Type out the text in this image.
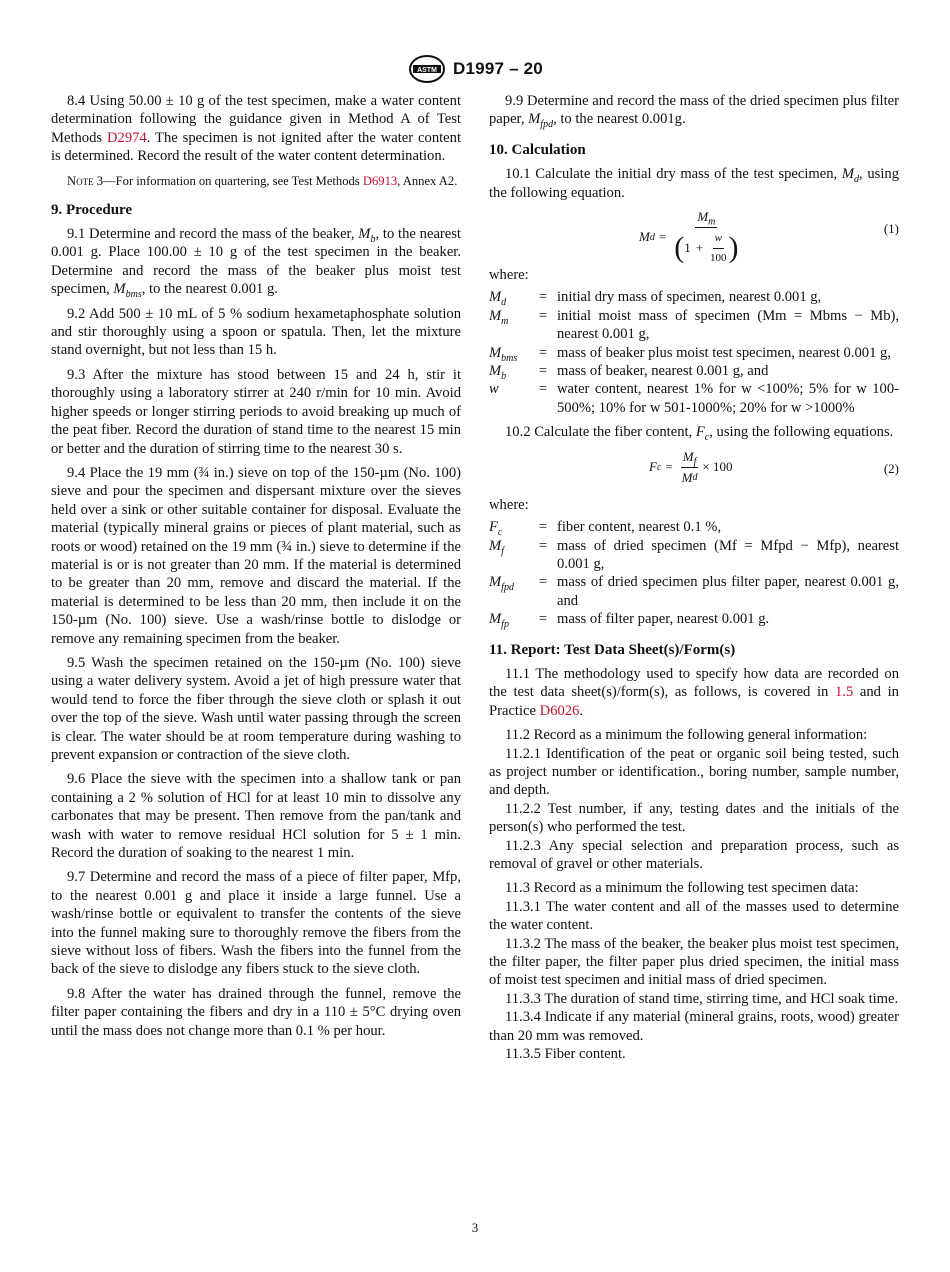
ASTM D1997 – 20

8.4 Using 50.00 ± 10 g of the test specimen, make a water content determination following the guidance given in Method A of Test Methods D2974. The specimen is not ignited after the water content is determined. Record the result of the water content determination.

Note 3—For information on quartering, see Test Methods D6913, Annex A2.

9. Procedure

9.1 Determine and record the mass of the beaker, $M_b$, to the nearest 0.001 g. Place 100.00 ± 10 g of the test specimen in the beaker. Determine and record the mass of the beaker plus moist test specimen, $M_{bms}$, to the nearest 0.001 g.

9.2 Add 500 ± 10 mL of 5 % sodium hexametaphosphate solution and stir thoroughly using a spoon or spatula. Then, let the mixture stand overnight, but not less than 15 h.

9.3 After the mixture has stood between 15 and 24 h, stir it thoroughly using a laboratory stirrer at 240 r/min for 10 min. Avoid higher speeds or longer stirring periods to avoid breaking up much of the peat fiber. Record the duration of stand time to the nearest 15 min or better and the duration of stirring time to the nearest 30 s.

9.4 Place the 19 mm (¾ in.) sieve on top of the 150-µm (No. 100) sieve and pour the specimen and dispersant mixture over the sieves held over a sink or other suitable container for disposal. Evaluate the material (typically mineral grains or pieces of plant material, such as roots or wood) retained on the 19 mm (¾ in.) sieve to determine if the material is or is not greater than 20 mm. If the material is determined to be greater than 20 mm, remove and discard the material. If the material is determined to be less than 20 mm, then include it on the 150-µm (No. 100) sieve. Use a wash/rinse bottle to dislodge or remove any remaining specimen from the beaker.

9.5 Wash the specimen retained on the 150-µm (No. 100) sieve using a water delivery system. Avoid a jet of high pressure water that would tend to force the fiber through the sieve cloth or splash it out over the top of the sieve. Wash until water passing through the screen is clear. The water should be at room temperature during washing to prevent expansion or contraction of the sieve cloth.

9.6 Place the sieve with the specimen into a shallow tank or pan containing a 2 % solution of HCl for at least 10 min to dissolve any carbonates that may be present. Then remove from the pan/tank and wash with water to remove residual HCl solution for 5 ± 1 min. Record the duration of soaking to the nearest 1 min.

9.7 Determine and record the mass of a piece of filter paper, Mfp, to the nearest 0.001 g and place it inside a large funnel. Use a wash/rinse bottle or equivalent to transfer the contents of the sieve into the funnel making sure to thoroughly remove the fibers from the sieve without loss of fibers. Wash the fibers into the funnel from the back of the sieve to dislodge any fibers stuck to the sieve cloth.

9.8 After the water has drained through the funnel, remove the filter paper containing the fibers and dry in a 110 ± 5°C drying oven until the mass does not change more than 0.1 % per hour.

9.9 Determine and record the mass of the dried specimen plus filter paper, $M_{fpd}$, to the nearest 0.001g.

10. Calculation

10.1 Calculate the initial dry mass of the test specimen, $M_d$, using the following equation.

M $d = \frac{M_m}{( 1 + \frac{w}{100} )}$	(1)

where:

$M_d$	= initial dry mass of specimen, nearest 0.001 g,
$M_m$	= initial moist mass of specimen (Mm = Mbms − Mb), nearest 0.001 g,
$M_{bms}$	= mass of beaker plus moist test specimen, nearest 0.001 g,
$M_b$	= mass of beaker, nearest 0.001 g, and
w	= water content, nearest 1% for w <100%; 5% for w 100-500%; 10% for w 501-1000%; 20% for w >1000%

10.2 Calculate the fiber content, $F_c$, using the following equations.

F $c = \frac{M_f}{\text{M d}} \times 100$	(2)

where:

$F_c$	= fiber content, nearest 0.1 %,
$M_f$	= mass of dried specimen (Mf = Mfpd − Mfp), nearest 0.001 g,
$M_{fpd}$	= mass of dried specimen plus filter paper, nearest 0.001 g, and
$M_{fp}$	= mass of filter paper, nearest 0.001 g.
11. Report: Test Data Sheet(s)/Form(s)

11.1 The methodology used to specify how data are recorded on the test data sheet(s)/form(s), as follows, is covered in 1.5 and in Practice D6026.

11.2 Record as a minimum the following general information:

11.2.1 Identification of the peat or organic soil being tested, such as project number or identification., boring number, sample number, and depth.

11.2.2 Test number, if any, testing dates and the initials of the person(s) who performed the test.

11.2.3 Any special selection and preparation process, such as removal of gravel or other materials.

11.3 Record as a minimum the following test specimen data:

11.3.1 The water content and all of the masses used to determine the water content.

11.3.2 The mass of the beaker, the beaker plus moist test specimen, the filter paper, the filter paper plus dried specimen, the initial mass of moist test specimen and initial mass of dried specimen.

11.3.3 The duration of stand time, stirring time, and HCl soak time.

11.3.4 Indicate if any material (mineral grains, roots, wood) greater than 20 mm was removed.

11.3.5 Fiber content.

3
